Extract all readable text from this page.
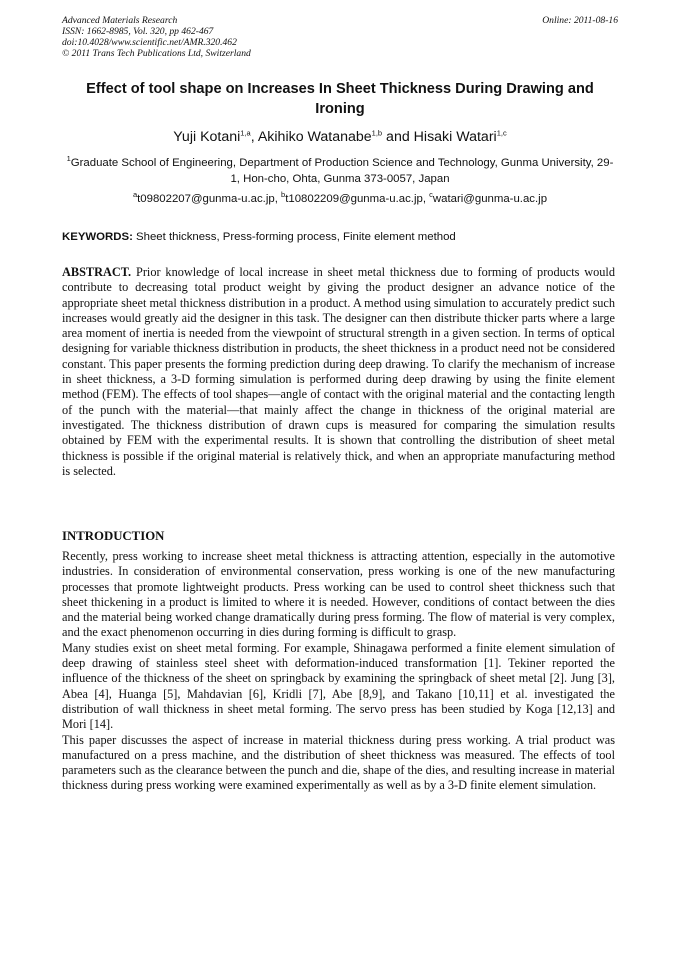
Advanced Materials Research
ISSN: 1662-8985, Vol. 320, pp 462-467
doi:10.4028/www.scientific.net/AMR.320.462
© 2011 Trans Tech Publications Ltd, Switzerland
Online: 2011-08-16
Effect of tool shape on Increases In Sheet Thickness During Drawing and Ironing
Yuji Kotani$^{1,a}$, Akihiko Watanabe$^{1,b}$ and Hisaki Watari$^{1,c}$
$^1$Graduate School of Engineering, Department of Production Science and Technology, Gunma University, 29-1, Hon-cho, Ohta, Gunma 373-0057, Japan
$^a$t09802207@gunma-u.ac.jp, $^b$t10802209@gunma-u.ac.jp, $^c$watari@gunma-u.ac.jp
KEYWORDS: Sheet thickness, Press-forming process, Finite element method
ABSTRACT. Prior knowledge of local increase in sheet metal thickness due to forming of products would contribute to decreasing total product weight by giving the product designer an advance notice of the appropriate sheet metal thickness distribution in a product. A method using simulation to accurately predict such increases would greatly aid the designer in this task. The designer can then distribute thicker parts where a large area moment of inertia is needed from the viewpoint of structural strength in a given section. In terms of optical designing for variable thickness distribution in products, the sheet thickness in a product need not be considered constant. This paper presents the forming prediction during deep drawing. To clarify the mechanism of increase in sheet thickness, a 3-D forming simulation is performed during deep drawing by using the finite element method (FEM). The effects of tool shapes—angle of contact with the original material and the contacting length of the punch with the material—that mainly affect the change in thickness of the original material are investigated. The thickness distribution of drawn cups is measured for comparing the simulation results obtained by FEM with the experimental results. It is shown that controlling the distribution of sheet metal thickness is possible if the original material is relatively thick, and when an appropriate manufacturing method is selected.
INTRODUCTION

Recently, press working to increase sheet metal thickness is attracting attention, especially in the automotive industries. In consideration of environmental conservation, press working is one of the new manufacturing processes that promote lightweight products. Press working can be used to control sheet thickness such that sheet thickening in a product is limited to where it is needed. However, conditions of contact between the dies and the material being worked change dramatically during press forming. The flow of material is very complex, and the exact phenomenon occurring in dies during forming is difficult to grasp.

Many studies exist on sheet metal forming. For example, Shinagawa performed a finite element simulation of deep drawing of stainless steel sheet with deformation-induced transformation [1]. Tekiner reported the influence of the thickness of the sheet on springback by examining the springback of sheet metal [2]. Jung [3], Abea [4], Huanga [5], Mahdavian [6], Kridli [7], Abe [8,9], and Takano [10,11] et al. investigated the distribution of wall thickness in sheet metal forming. The servo press has been studied by Koga [12,13] and Mori [14].

This paper discusses the aspect of increase in material thickness during press working. A trial product was manufactured on a press machine, and the distribution of sheet thickness was measured. The effects of tool parameters such as the clearance between the punch and die, shape of the dies, and resulting increase in material thickness during press working were examined experimentally as well as by a 3-D finite element simulation.
